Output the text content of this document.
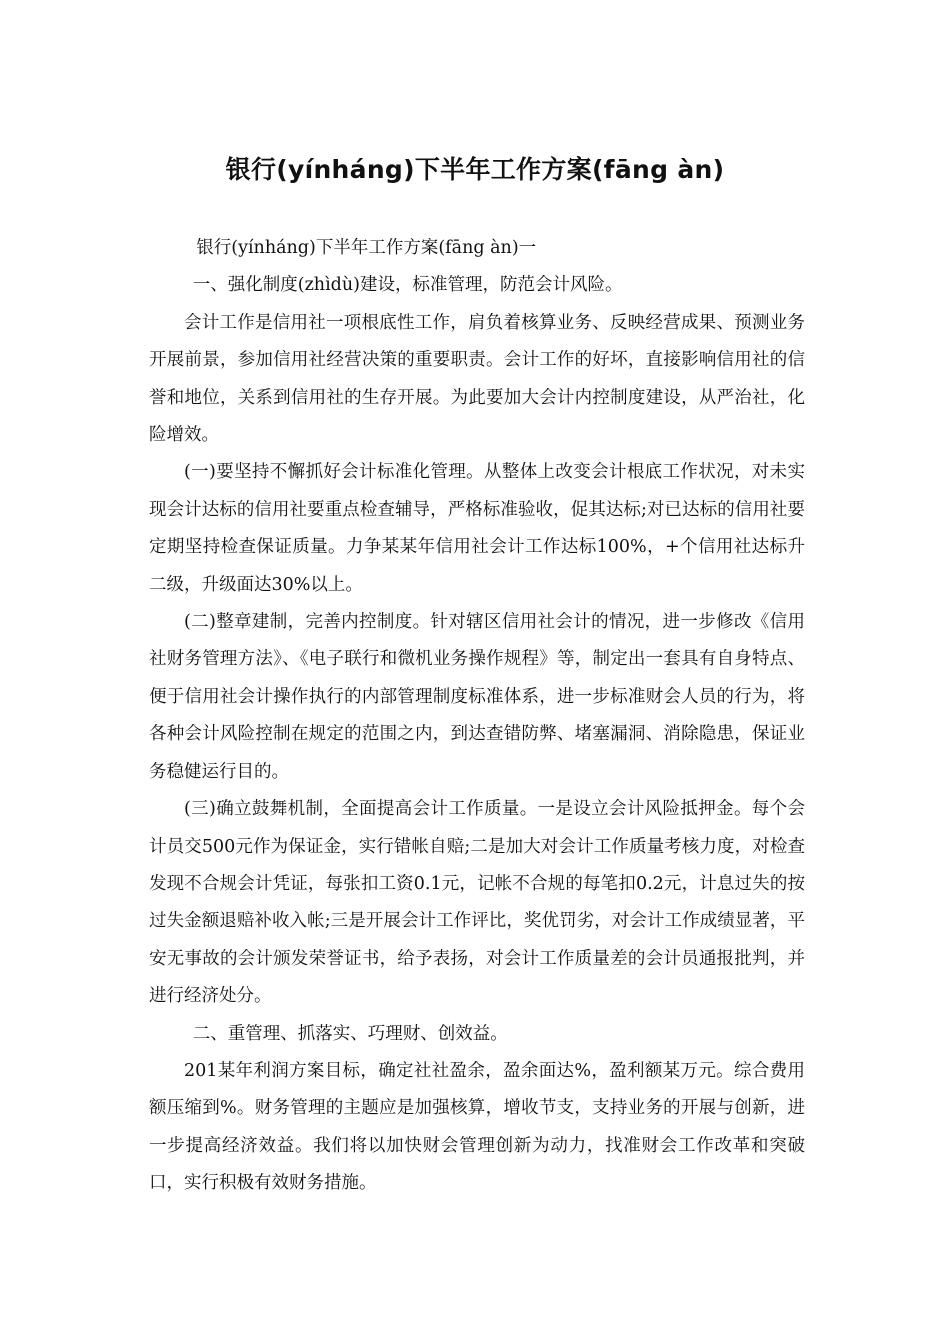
银行(yínháng)下半年工作方案(fāng àn)

银行(yínháng)下半年工作方案(fāng àn)一

一、强化制度(zhìdù)建设，标准管理，防范会计风险。

会计工作是信用社一项根底性工作，肩负着核算业务、反映经营成果、预测业务开展前景，参加信用社经营决策的重要职责。会计工作的好坏，直接影响信用社的信誉和地位，关系到信用社的生存开展。为此要加大会计内控制度建设，从严治社，化险增效。

(一)要坚持不懈抓好会计标准化管理。从整体上改变会计根底工作状况，对未实现会计达标的信用社要重点检查辅导，严格标准验收，促其达标;对已达标的信用社要定期坚持检查保证质量。力争某某年信用社会计工作达标100%，+个信用社达标升二级，升级面达30%以上。

(二)整章建制，完善内控制度。针对辖区信用社会计的情况，进一步修改《信用社财务管理方法》、《电子联行和微机业务操作规程》等，制定出一套具有自身特点、便于信用社会计操作执行的内部管理制度标准体系，进一步标准财会人员的行为，将各种会计风险控制在规定的范围之内，到达查错防弊、堵塞漏洞、消除隐患，保证业务稳健运行目的。

(三)确立鼓舞机制，全面提高会计工作质量。一是设立会计风险抵押金。每个会计员交500元作为保证金，实行错帐自赔;二是加大对会计工作质量考核力度，对检查发现不合规会计凭证，每张扣工资0.1元，记帐不合规的每笔扣0.2元，计息过失的按过失金额退赔补收入帐;三是开展会计工作评比，奖优罚劣，对会计工作成绩显著，平安无事故的会计颁发荣誉证书，给予表扬，对会计工作质量差的会计员通报批判，并进行经济处分。

二、重管理、抓落实、巧理财、创效益。

201某年利润方案目标，确定社社盈余，盈余面达%，盈利额某万元。综合费用额压缩到%。财务管理的主题应是加强核算，增收节支，支持业务的开展与创新，进一步提高经济效益。我们将以加快财会管理创新为动力，找准财会工作改革和突破口，实行积极有效财务措施。
